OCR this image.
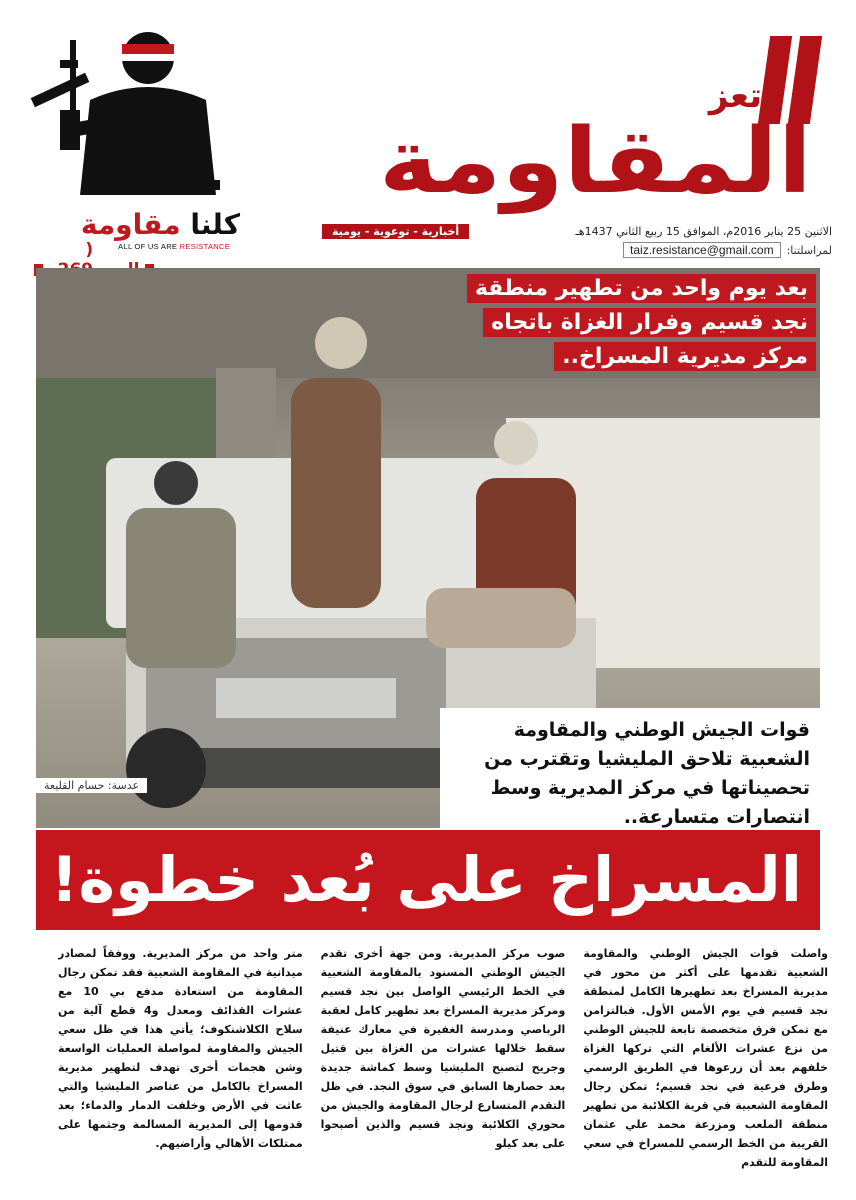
كلنا مقاومة
ALL OF US ARE RESISTANCE
(
تعز
المقاومة
الاثنين 25 يناير 2016م، الموافق 15 ربيع الثاني 1437هـ
أخبارية - توعوية - يومية
لمراسلتنا:
taiz.resistance@gmail.com
بعد يوم واحد من تطهير منطقة
نجد قسيم وفرار الغزاة باتجاه
مركز مديرية المسراخ..
قوات الجيش الوطني والمقاومة الشعبية تلاحق المليشيا وتقترب من تحصيناتها في مركز المديرية وسط انتصارات متسارعة..
عدسة: حسام القليعة
المسراخ على بُعد خطوة!

واصلت قوات الجيش الوطني والمقاومة الشعبية تقدمها على أكثر من محور في مديرية المسراخ بعد تطهيرها الكامل لمنطقة نجد قسيم في يوم الأمس الأول. فبالتزامن مع تمكن فرق متخصصة تابعة للجيش الوطني من نزع عشرات الألغام التي تركها الغزاة خلفهم بعد أن زرعوها في الطريق الرسمي وطرق فرعية في نجد قسيم؛ تمكن رجال المقاومة الشعبية في قرية الكلائبة من تطهير منطقة الملعب ومزرعة محمد علي عثمان القريبة من الخط الرسمي للمسراخ في سعي المقاومة للتقدم

صوب مركز المديرية. ومن جهة أخرى تقدم الجيش الوطني المسنود بالمقاومة الشعبية في الخط الرئيسي الواصل بين نجد قسيم ومركز مديرية المسراخ بعد تطهير كامل لعقبة الرباصي ومدرسة الغفيرة في معارك عنيفة سقط خلالها عشرات من الغزاة بين قتيل وجريح لتصبح المليشيا وسط كماشة جديدة بعد حصارها السابق في سوق النجد. في ظل التقدم المتسارع لرجال المقاومة والجيش من محوري الكلائبة ونجد قسيم والذين أصبحوا على بعد كيلو

متر واحد من مركز المديرية. ووفقاً لمصادر ميدانية في المقاومة الشعبية فقد تمكن رجال المقاومة من استعادة مدفع بي 10 مع عشرات القذائف ومعدل و4 قطع آلية من سلاح الكلاشنكوف؛ يأتي هذا في ظل سعي الجيش والمقاومة لمواصلة العمليات الواسعة وشن هجمات أخرى تهدف لتطهير مديرية المسراخ بالكامل من عناصر المليشيا والتي عاثت في الأرض وخلفت الدمار والدماء؛ بعد قدومها إلى المديرية المسالمة وجثمها على ممتلكات الأهالي وأراضيهم.
